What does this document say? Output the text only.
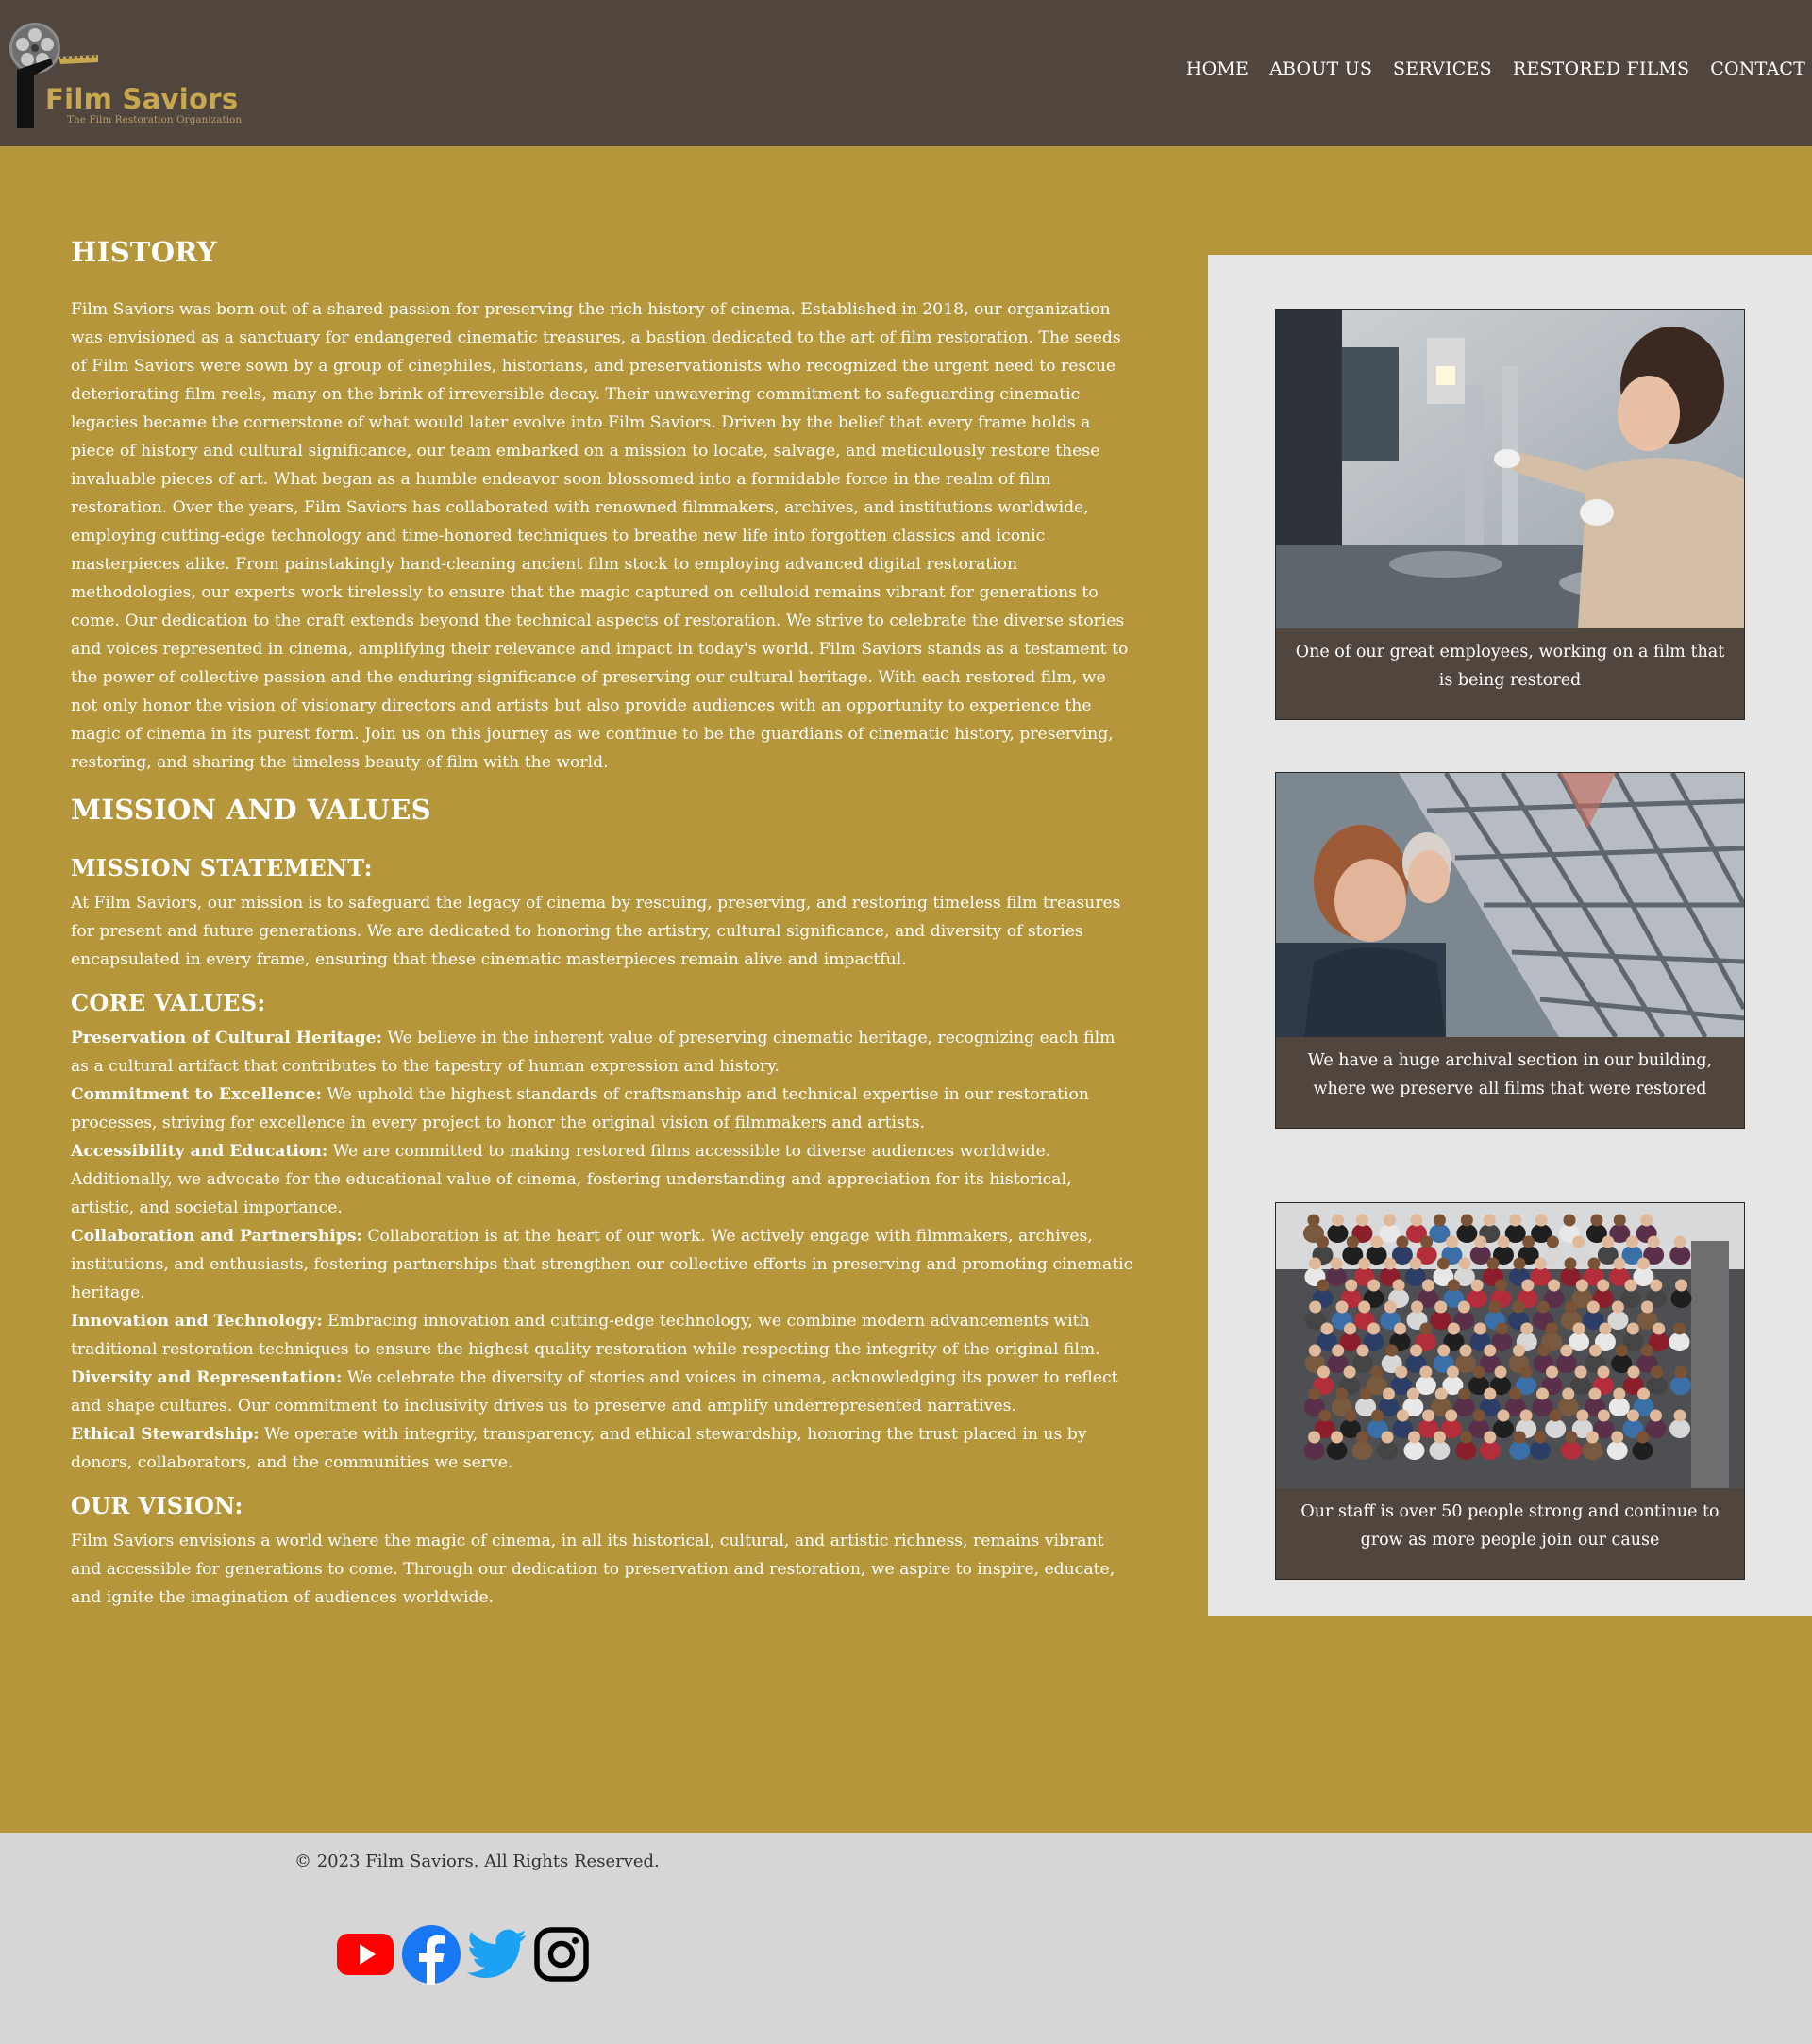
Film Saviors
The Film Restoration Organization
HOME ABOUT US SERVICES RESTORED FILMS CONTACT
HISTORY

Film Saviors was born out of a shared passion for preserving the rich history of cinema. Established in 2018, our organization was envisioned as a sanctuary for endangered cinematic treasures, a bastion dedicated to the art of film restoration. The seeds of Film Saviors were sown by a group of cinephiles, historians, and preservationists who recognized the urgent need to rescue deteriorating film reels, many on the brink of irreversible decay. Their unwavering commitment to safeguarding cinematic legacies became the cornerstone of what would later evolve into Film Saviors. Driven by the belief that every frame holds a piece of history and cultural significance, our team embarked on a mission to locate, salvage, and meticulously restore these invaluable pieces of art. What began as a humble endeavor soon blossomed into a formidable force in the realm of film restoration. Over the years, Film Saviors has collaborated with renowned filmmakers, archives, and institutions worldwide, employing cutting-edge technology and time-honored techniques to breathe new life into forgotten classics and iconic masterpieces alike. From painstakingly hand-cleaning ancient film stock to employing advanced digital restoration methodologies, our experts work tirelessly to ensure that the magic captured on celluloid remains vibrant for generations to come. Our dedication to the craft extends beyond the technical aspects of restoration. We strive to celebrate the diverse stories and voices represented in cinema, amplifying their relevance and impact in today's world. Film Saviors stands as a testament to the power of collective passion and the enduring significance of preserving our cultural heritage. With each restored film, we not only honor the vision of visionary directors and artists but also provide audiences with an opportunity to experience the magic of cinema in its purest form. Join us on this journey as we continue to be the guardians of cinematic history, preserving, restoring, and sharing the timeless beauty of film with the world.

MISSION AND VALUES
MISSION STATEMENT:

At Film Saviors, our mission is to safeguard the legacy of cinema by rescuing, preserving, and restoring timeless film treasures for present and future generations. We are dedicated to honoring the artistry, cultural significance, and diversity of stories encapsulated in every frame, ensuring that these cinematic masterpieces remain alive and impactful.

CORE VALUES:

Preservation of Cultural Heritage: We believe in the inherent value of preserving cinematic heritage, recognizing each film as a cultural artifact that contributes to the tapestry of human expression and history.

Commitment to Excellence: We uphold the highest standards of craftsmanship and technical expertise in our restoration processes, striving for excellence in every project to honor the original vision of filmmakers and artists.

Accessibility and Education: We are committed to making restored films accessible to diverse audiences worldwide. Additionally, we advocate for the educational value of cinema, fostering understanding and appreciation for its historical, artistic, and societal importance.

Collaboration and Partnerships: Collaboration is at the heart of our work. We actively engage with filmmakers, archives, institutions, and enthusiasts, fostering partnerships that strengthen our collective efforts in preserving and promoting cinematic heritage.

Innovation and Technology: Embracing innovation and cutting-edge technology, we combine modern advancements with traditional restoration techniques to ensure the highest quality restoration while respecting the integrity of the original film.

Diversity and Representation: We celebrate the diversity of stories and voices in cinema, acknowledging its power to reflect and shape cultures. Our commitment to inclusivity drives us to preserve and amplify underrepresented narratives.

Ethical Stewardship: We operate with integrity, transparency, and ethical stewardship, honoring the trust placed in us by donors, collaborators, and the communities we serve.

OUR VISION:

Film Saviors envisions a world where the magic of cinema, in all its historical, cultural, and artistic richness, remains vibrant and accessible for generations to come. Through our dedication to preservation and restoration, we aspire to inspire, educate, and ignite the imagination of audiences worldwide.

One of our great employees, working on a film that is being restored
We have a huge archival section in our building, where we preserve all films that were restored
Our staff is over 50 people strong and continue to grow as more people join our cause
© 2023 Film Saviors. All Rights Reserved.
